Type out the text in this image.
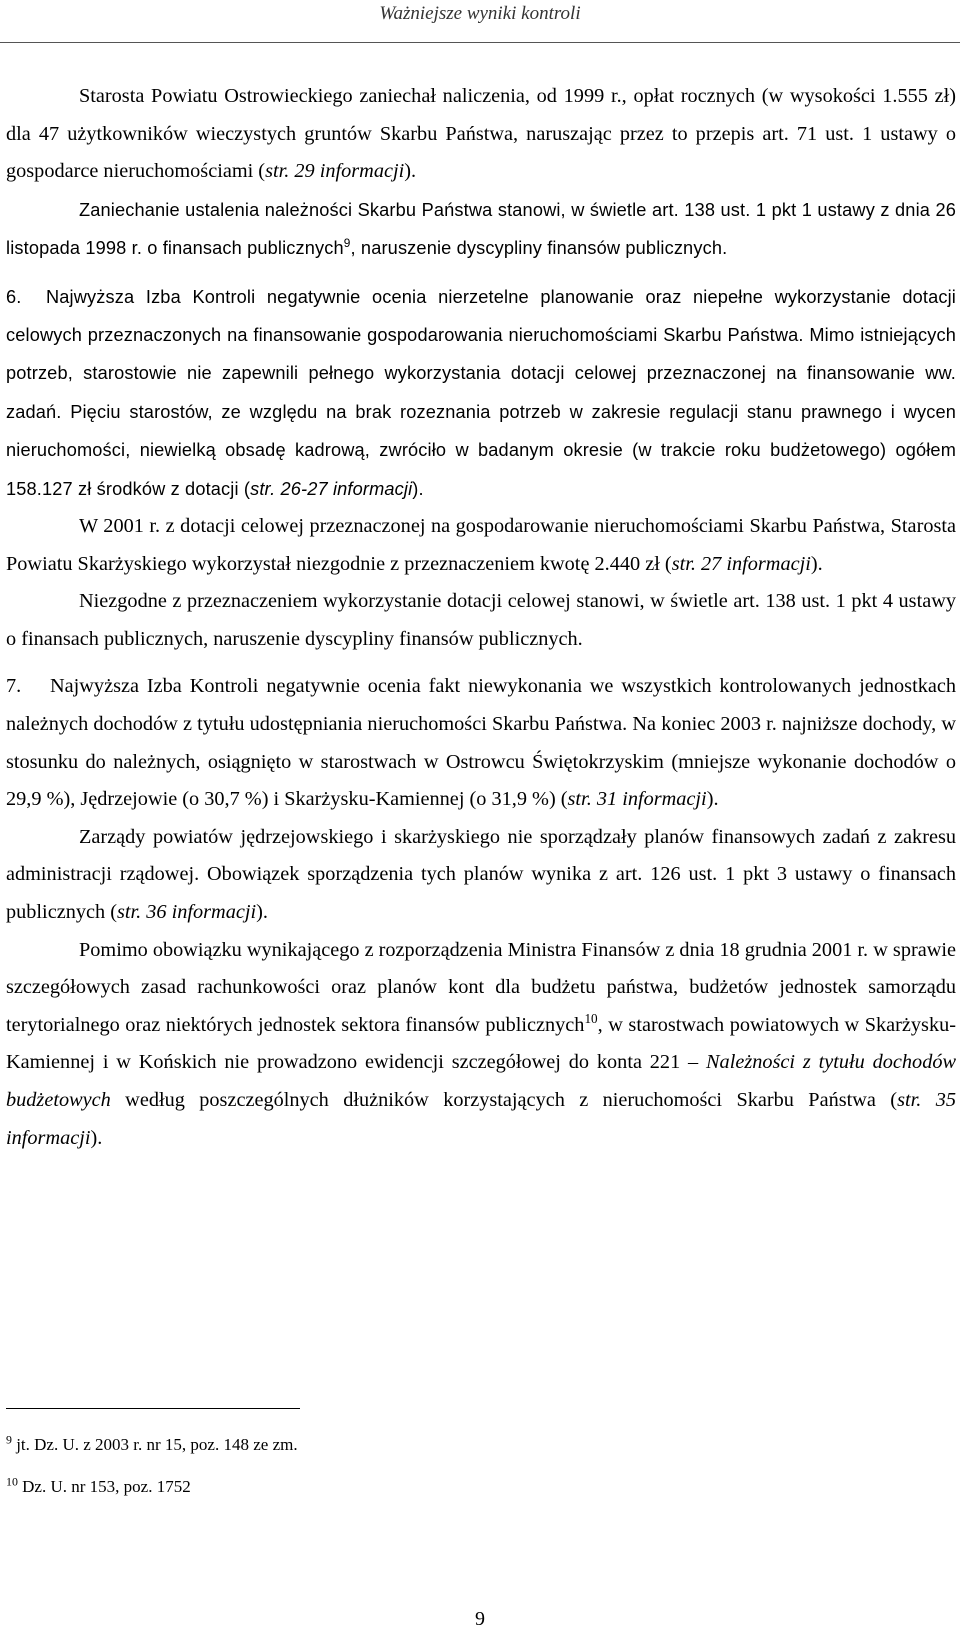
Ważniejsze wyniki kontroli

Starosta Powiatu Ostrowieckiego zaniechał naliczenia, od 1999 r., opłat rocznych (w wysokości 1.555 zł) dla 47 użytkowników wieczystych gruntów Skarbu Państwa, naruszając przez to przepis art. 71 ust. 1 ustawy o gospodarce nieruchomościami (str. 29 informacji).

Zaniechanie ustalenia należności Skarbu Państwa stanowi, w świetle art. 138 ust. 1 pkt 1 ustawy z dnia 26 listopada 1998 r. o finansach publicznych$^9$, naruszenie dyscypliny finansów publicznych.

6. Najwyższa Izba Kontroli negatywnie ocenia nierzetelne planowanie oraz niepełne wykorzystanie dotacji celowych przeznaczonych na finansowanie gospodarowania nieruchomościami Skarbu Państwa. Mimo istniejących potrzeb, starostowie nie zapewnili pełnego wykorzystania dotacji celowej przeznaczonej na finansowanie ww. zadań. Pięciu starostów, ze względu na brak rozeznania potrzeb w zakresie regulacji stanu prawnego i wycen nieruchomości, niewielką obsadę kadrową, zwróciło w badanym okresie (w trakcie roku budżetowego) ogółem 158.127 zł środków z dotacji (str. 26-27 informacji).

W 2001 r. z dotacji celowej przeznaczonej na gospodarowanie nieruchomościami Skarbu Państwa, Starosta Powiatu Skarżyskiego wykorzystał niezgodnie z przeznaczeniem kwotę 2.440 zł (str. 27 informacji).

Niezgodne z przeznaczeniem wykorzystanie dotacji celowej stanowi, w świetle art. 138 ust. 1 pkt 4 ustawy o finansach publicznych, naruszenie dyscypliny finansów publicznych.

7. Najwyższa Izba Kontroli negatywnie ocenia fakt niewykonania we wszystkich kontrolowanych jednostkach należnych dochodów z tytułu udostępniania nieruchomości Skarbu Państwa. Na koniec 2003 r. najniższe dochody, w stosunku do należnych, osiągnięto w starostwach w Ostrowcu Świętokrzyskim (mniejsze wykonanie dochodów o 29,9 %), Jędrzejowie (o 30,7 %) i Skarżysku-Kamiennej (o 31,9 %) (str. 31 informacji).

Zarządy powiatów jędrzejowskiego i skarżyskiego nie sporządzały planów finansowych zadań z zakresu administracji rządowej. Obowiązek sporządzenia tych planów wynika z art. 126 ust. 1 pkt 3 ustawy o finansach publicznych (str. 36 informacji).

Pomimo obowiązku wynikającego z rozporządzenia Ministra Finansów z dnia 18 grudnia 2001 r. w sprawie szczegółowych zasad rachunkowości oraz planów kont dla budżetu państwa, budżetów jednostek samorządu terytorialnego oraz niektórych jednostek sektora finansów publicznych$^{10}$, w starostwach powiatowych w Skarżysku-Kamiennej i w Końskich nie prowadzono ewidencji szczegółowej do konta 221 – Należności z tytułu dochodów budżetowych według poszczególnych dłużników korzystających z nieruchomości Skarbu Państwa (str. 35 informacji).

$^9$ jt. Dz. U. z 2003 r. nr 15, poz. 148 ze zm.
$^{10}$ Dz. U. nr 153, poz. 1752
9
